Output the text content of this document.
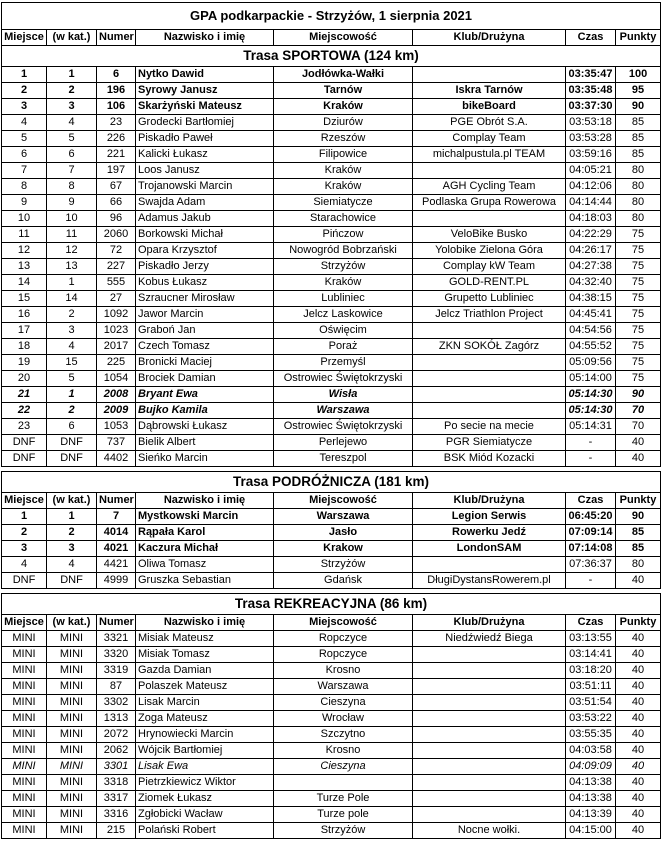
GPA podkarpackie - Strzyżów, 1 sierpnia 2021							
Miejsce	(w kat.)	Numer	Nazwisko i imię	Miejscowość	Klub/Drużyna	Czas	Punkty
Trasa SPORTOWA (124 km)							
1	1	6	Nytko Dawid	Jodłówka-Wałki		03:35:47	100
2	2	196	Syrowy Janusz	Tarnów	Iskra Tarnów	03:35:48	95
3	3	106	Skarżyński Mateusz	Kraków	bikeBoard	03:37:30	90
4	4	23	Grodecki Bartłomiej	Dziurów	PGE Obrót S.A.	03:53:18	85
5	5	226	Piskadło Paweł	Rzeszów	Complay Team	03:53:28	85
6	6	221	Kalicki Łukasz	Filipowice	michalpustula.pl TEAM	03:59:16	85
7	7	197	Loos Janusz	Kraków		04:05:21	80
8	8	67	Trojanowski Marcin	Kraków	AGH Cycling Team	04:12:06	80
9	9	66	Swajda Adam	Siemiatycze	Podlaska Grupa Rowerowa	04:14:44	80
10	10	96	Adamus Jakub	Starachowice		04:18:03	80
11	11	2060	Borkowski Michał	Pińczow	VeloBike Busko	04:22:29	75
12	12	72	Opara Krzysztof	Nowogród Bobrzański	Yolobike Zielona Góra	04:26:17	75
13	13	227	Piskadło Jerzy	Strzyżów	Complay kW Team	04:27:38	75
14	1	555	Kobus Łukasz	Kraków	GOLD-RENT.PL	04:32:40	75
15	14	27	Szraucner Mirosław	Lubliniec	Grupetto Lubliniec	04:38:15	75
16	2	1092	Jawor Marcin	Jelcz Laskowice	Jelcz Triathlon Project	04:45:41	75
17	3	1023	Graboń Jan	Oświęcim		04:54:56	75
18	4	2017	Czech Tomasz	Poraż	ZKN SOKÓŁ Zagórz	04:55:52	75
19	15	225	Bronicki Maciej	Przemyśl		05:09:56	75
20	5	1054	Brociek Damian	Ostrowiec Świętokrzyski		05:14:00	75
21	1	2008	Bryant Ewa	Wisła		05:14:30	90
22	2	2009	Bujko Kamila	Warszawa		05:14:30	70
23	6	1053	Dąbrowski Łukasz	Ostrowiec Świętokrzyski	Po secie na mecie	05:14:31	70
DNF	DNF	737	Bielik Albert	Perlejewo	PGR Siemiatycze	-	40
DNF	DNF	4402	Sieńko Marcin	Tereszpol	BSK Miód Kozacki	-	40

Trasa PODRÓŻNICZA (181 km)							
Miejsce	(w kat.)	Numer	Nazwisko i imię	Miejscowość	Klub/Drużyna	Czas	Punkty
1	1	7	Mystkowski Marcin	Warszawa	Legion Serwis	06:45:20	90
2	2	4014	Rąpała Karol	Jasło	Rowerku Jedź	07:09:14	85
3	3	4021	Kaczura Michał	Krakow	LondonSAM	07:14:08	85
4	4	4421	Oliwa Tomasz	Strzyżów		07:36:37	80
DNF	DNF	4999	Gruszka Sebastian	Gdańsk	DługiDystansRowerem.pl	-	40

Trasa REKREACYJNA (86 km)							
Miejsce	(w kat.)	Numer	Nazwisko i imię	Miejscowość	Klub/Drużyna	Czas	Punkty
MINI	MINI	3321	Misiak Mateusz	Ropczyce	Niedźwiedź Biega	03:13:55	40
MINI	MINI	3320	Misiak Tomasz	Ropczyce		03:14:41	40
MINI	MINI	3319	Gazda Damian	Krosno		03:18:20	40
MINI	MINI	87	Polaszek Mateusz	Warszawa		03:51:11	40
MINI	MINI	3302	Lisak Marcin	Cieszyna		03:51:54	40
MINI	MINI	1313	Zoga Mateusz	Wrocław		03:53:22	40
MINI	MINI	2072	Hrynowiecki Marcin	Szczytno		03:55:35	40
MINI	MINI	2062	Wójcik Bartłomiej	Krosno		04:03:58	40
MINI	MINI	3301	Lisak Ewa	Cieszyna		04:09:09	40
MINI	MINI	3318	Pietrzkiewicz Wiktor			04:13:38	40
MINI	MINI	3317	Ziomek Łukasz	Turze Pole		04:13:38	40
MINI	MINI	3316	Zgłobicki Wacław	Turze pole		04:13:39	40
MINI	MINI	215	Polański Robert	Strzyżów	Nocne wołki.	04:15:00	40
